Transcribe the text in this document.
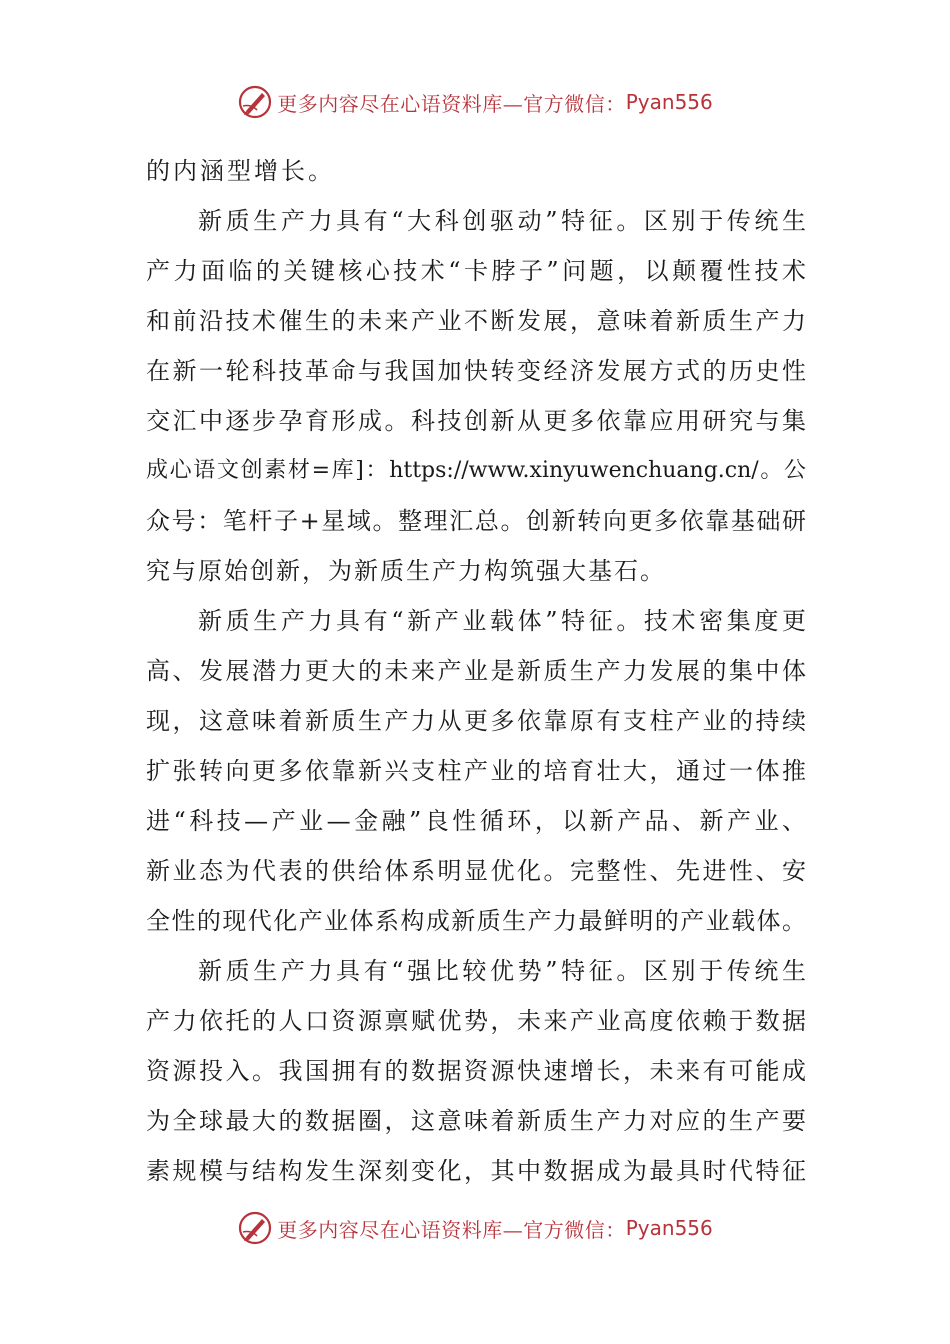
更多内容尽在心语资料库—官方微信： Pyan556
的内涵型增长。
新质生产力具有“大科创驱动”特征。区别于传统生
产力面临的关键核心技术“卡脖子”问题，以颠覆性技术
和前沿技术催生的未来产业不断发展，意味着新质生产力
在新一轮科技革命与我国加快转变经济发展方式的历史性
交汇中逐步孕育形成。科技创新从更多依靠应用研究与集
成心语文创素材=库]：https://www.xinyuwenchuang.cn/。公
众号：笔杆子+星域。整理汇总。创新转向更多依靠基础研
究与原始创新，为新质生产力构筑强大基石。
新质生产力具有“新产业载体”特征。技术密集度更
高、发展潜力更大的未来产业是新质生产力发展的集中体
现，这意味着新质生产力从更多依靠原有支柱产业的持续
扩张转向更多依靠新兴支柱产业的培育壮大，通过一体推
进“科技—产业—金融”良性循环，以新产品、新产业、
新业态为代表的供给体系明显优化。完整性、先进性、安
全性的现代化产业体系构成新质生产力最鲜明的产业载体。
新质生产力具有“强比较优势”特征。区别于传统生
产力依托的人口资源禀赋优势，未来产业高度依赖于数据
资源投入。我国拥有的数据资源快速增长，未来有可能成
为全球最大的数据圈，这意味着新质生产力对应的生产要
素规模与结构发生深刻变化，其中数据成为最具时代特征
更多内容尽在心语资料库—官方微信： Pyan556
